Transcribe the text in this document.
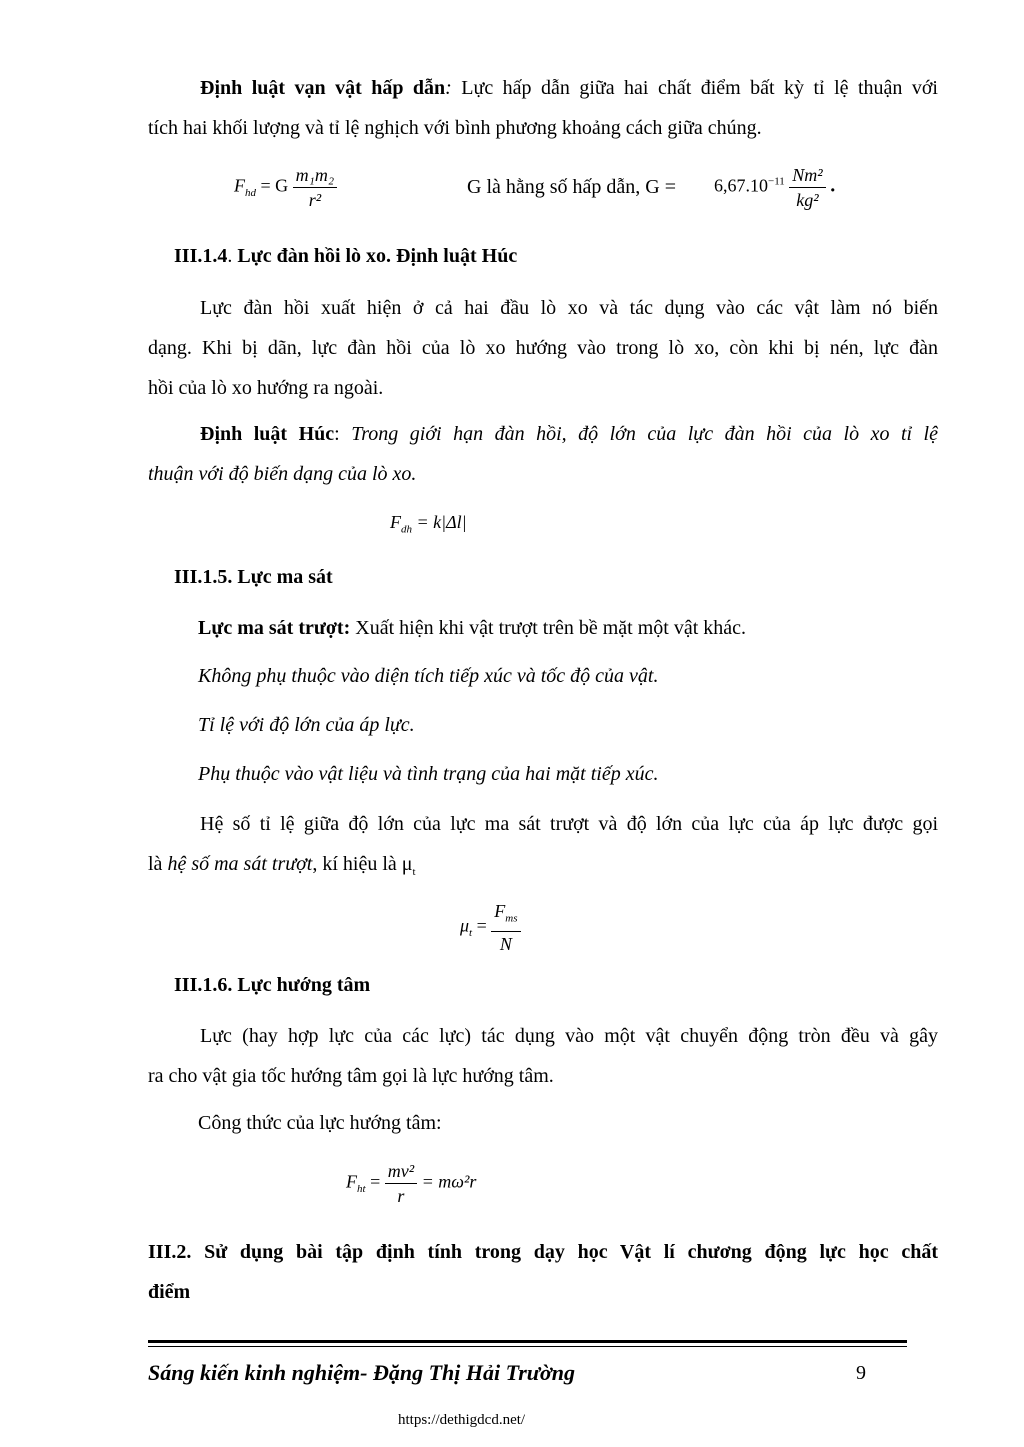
Định luật vạn vật hấp dẫn: Lực hấp dẫn giữa hai chất điểm bất kỳ tỉ lệ thuận với
tích hai khối lượng và tỉ lệ nghịch với bình phương khoảng cách giữa chúng.
$F_{hd} = G \frac{\text{m₁m₂}}{\text{r²}}$	G là hằng số hấp dẫn, $G = 6,67.10^{-11} \frac{\text{Nm²}}{\text{kg²}}$ .
III.1.4. Lực đàn hồi lò xo. Định luật Húc
Lực đàn hồi xuất hiện ở cả hai đầu lò xo và tác dụng vào các vật làm nó biến
dạng. Khi bị dãn, lực đàn hồi của lò xo hướng vào trong lò xo, còn khi bị nén, lực đàn
hồi của lò xo hướng ra ngoài.
Định luật Húc: Trong giới hạn đàn hồi, độ lớn của lực đàn hồi của lò xo tỉ lệ
thuận với độ biến dạng của lò xo.
$F_{dh} = k|\Delta l|$
III.1.5. Lực ma sát
Lực ma sát trượt: Xuất hiện khi vật trượt trên bề mặt một vật khác.
Không phụ thuộc vào diện tích tiếp xúc và tốc độ của vật.
Tỉ lệ với độ lớn của áp lực.
Phụ thuộc vào vật liệu và tình trạng của hai mặt tiếp xúc.
Hệ số tỉ lệ giữa độ lớn của lực ma sát trượt và độ lớn của lực của áp lực được gọi
là hệ số ma sát trượt, kí hiệu là $\mu_t$
$\mu_t = \frac{F_{ms}}{N}$
III.1.6. Lực hướng tâm
Lực (hay hợp lực của các lực) tác dụng vào một vật chuyển động tròn đều và gây
ra cho vật gia tốc hướng tâm gọi là lực hướng tâm.
Công thức của lực hướng tâm:
$F_{ht} = \frac{\text{mv²}}{r} = m\omega^2r$
III.2. Sử dụng bài tập định tính trong dạy học Vật lí chương động lực học chất
điểm
Sáng kiến kinh nghiệm- Đặng Thị Hải Trường	9
https://dethigdcd.net/
